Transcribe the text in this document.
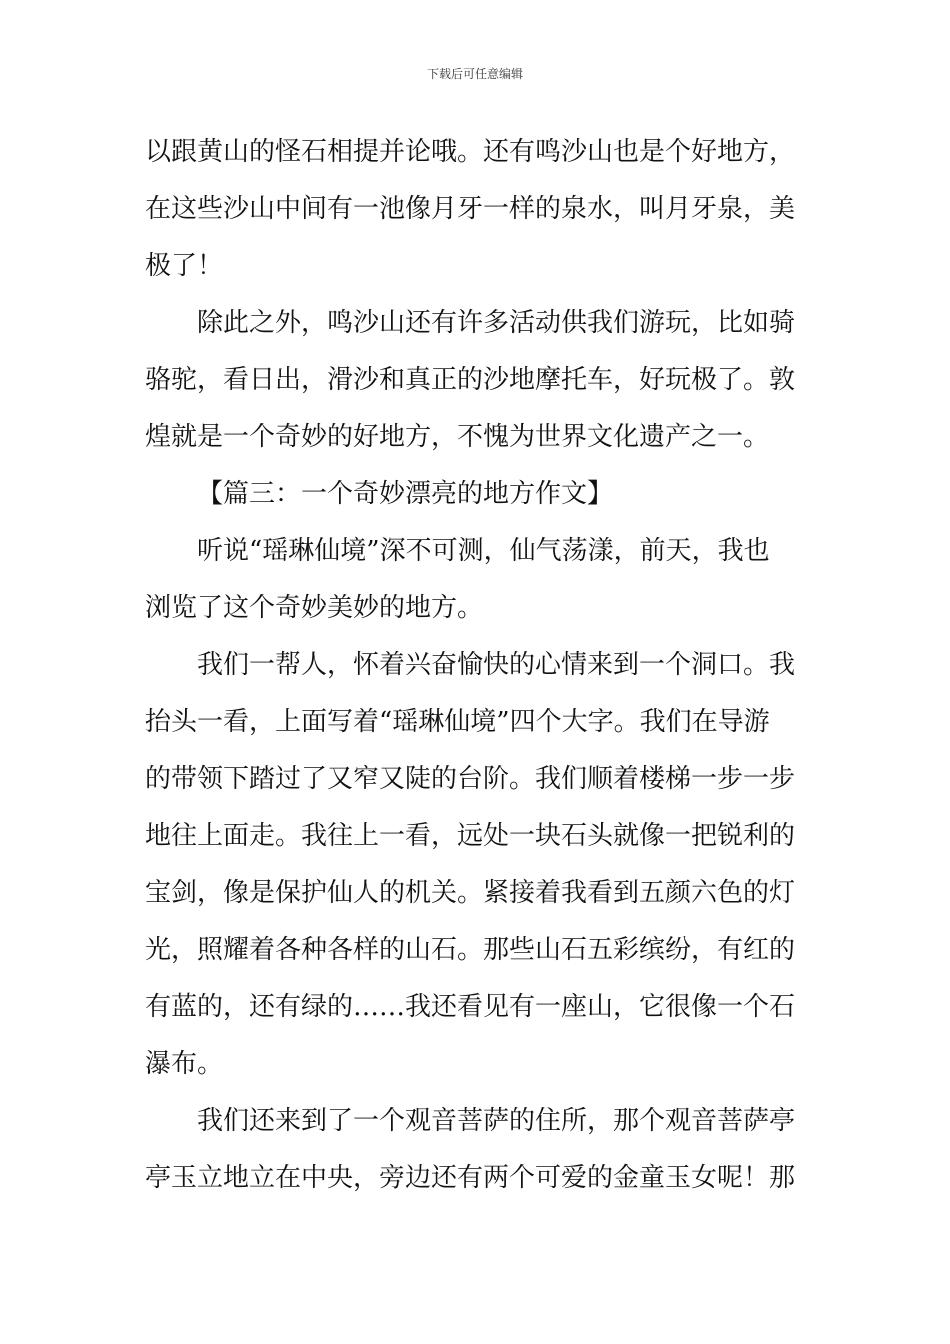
下载后可任意编辑
以跟黄山的怪石相提并论哦。还有鸣沙山也是个好地方，
在这些沙山中间有一池像月牙一样的泉水，叫月牙泉，美
极了！
除此之外，鸣沙山还有许多活动供我们游玩，比如骑
骆驼，看日出，滑沙和真正的沙地摩托车，好玩极了。敦
煌就是一个奇妙的好地方，不愧为世界文化遗产之一。
【篇三：一个奇妙漂亮的地方作文】
听说“瑶琳仙境”深不可测，仙气荡漾，前天，我也
浏览了这个奇妙美妙的地方。
我们一帮人，怀着兴奋愉快的心情来到一个洞口。我
抬头一看，上面写着“瑶琳仙境”四个大字。我们在导游
的带领下踏过了又窄又陡的台阶。我们顺着楼梯一步一步
地往上面走。我往上一看，远处一块石头就像一把锐利的
宝剑，像是保护仙人的机关。紧接着我看到五颜六色的灯
光，照耀着各种各样的山石。那些山石五彩缤纷，有红的
有蓝的，还有绿的……我还看见有一座山，它很像一个石
瀑布。
我们还来到了一个观音菩萨的住所，那个观音菩萨亭
亭玉立地立在中央，旁边还有两个可爱的金童玉女呢！那
